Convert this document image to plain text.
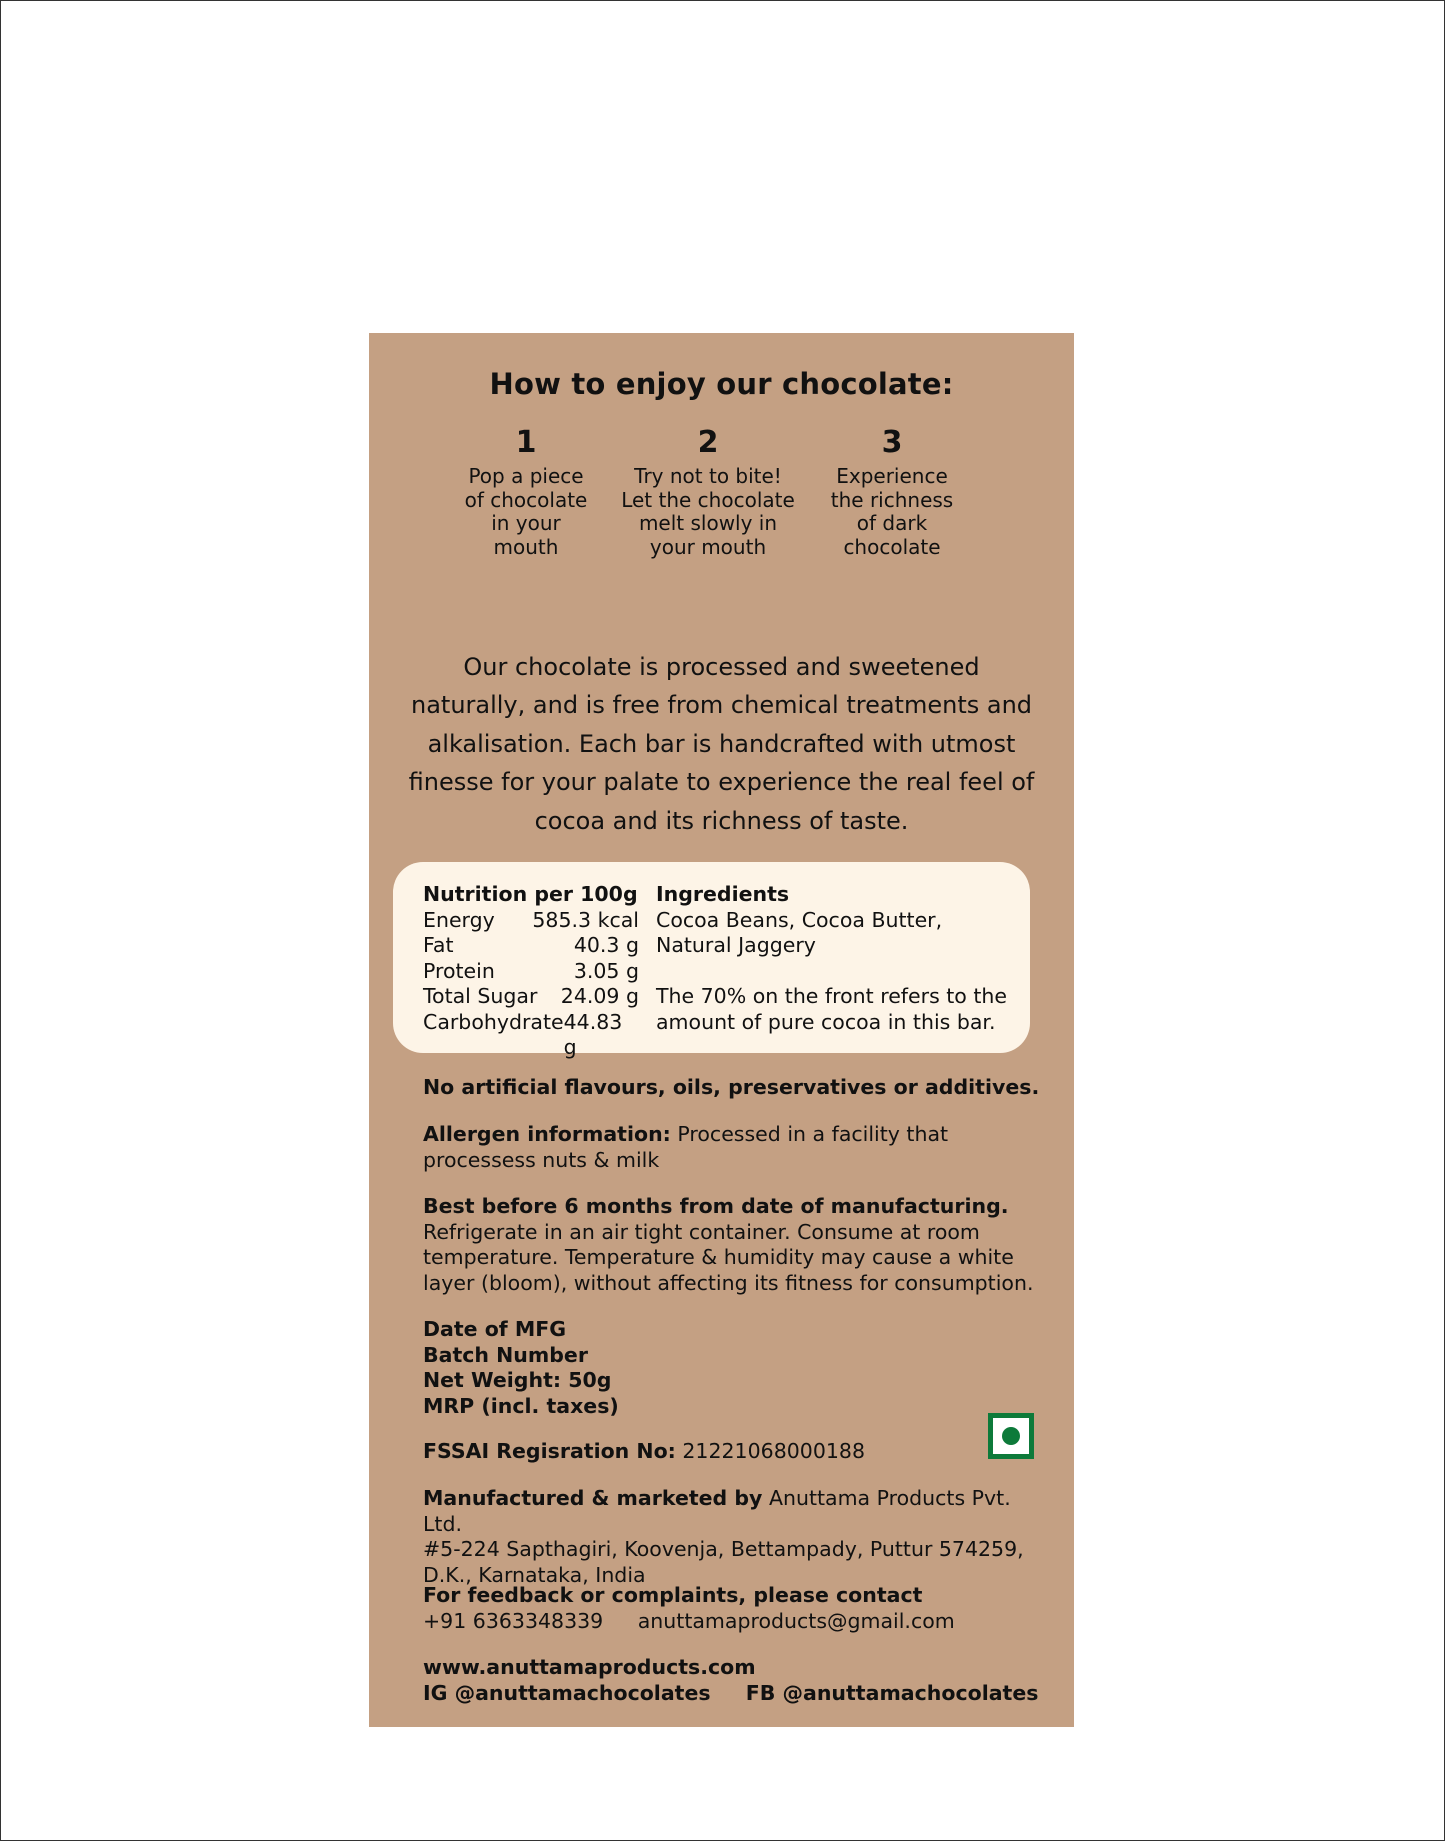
How to enjoy our chocolate:
1
Pop a piece
of chocolate
in your
mouth
2
Try not to bite!
Let the chocolate
melt slowly in
your mouth
3
Experience
the richness
of dark
chocolate
Our chocolate is processed and sweetened naturally, and is free from chemical treatments and alkalisation. Each bar is handcrafted with utmost finesse for your palate to experience the real feel of cocoa and its richness of taste.
Nutrition per 100g
Energy 585.3 kcal
Fat	40.3 g
Protein	3.05 g
Total Sugar 24.09 g
Carbohydrate 44.83 g
Ingredients
Cocoa Beans, Cocoa Butter,
Natural Jaggery
The 70% on the front refers to the
amount of pure cocoa in this bar.
No artificial flavours, oils, preservatives or additives.
Allergen information: Processed in a facility that
processess nuts & milk
Best before 6 months from date of manufacturing.
Refrigerate in an air tight container. Consume at room
temperature. Temperature & humidity may cause a white
layer (bloom), without affecting its fitness for consumption.
Date of MFG
Batch Number
Net Weight: 50g
MRP (incl. taxes)
FSSAI Regisration No: 21221068000188
Manufactured & marketed by Anuttama Products Pvt. Ltd.
#5-224 Sapthagiri, Koovenja, Bettampady, Puttur 574259,
D.K., Karnataka, India
For feedback or complaints, please contact
+91 6363348339 anuttamaproducts@gmail.com
www.anuttamaproducts.com
IG @anuttamachocolates FB @anuttamachocolates
